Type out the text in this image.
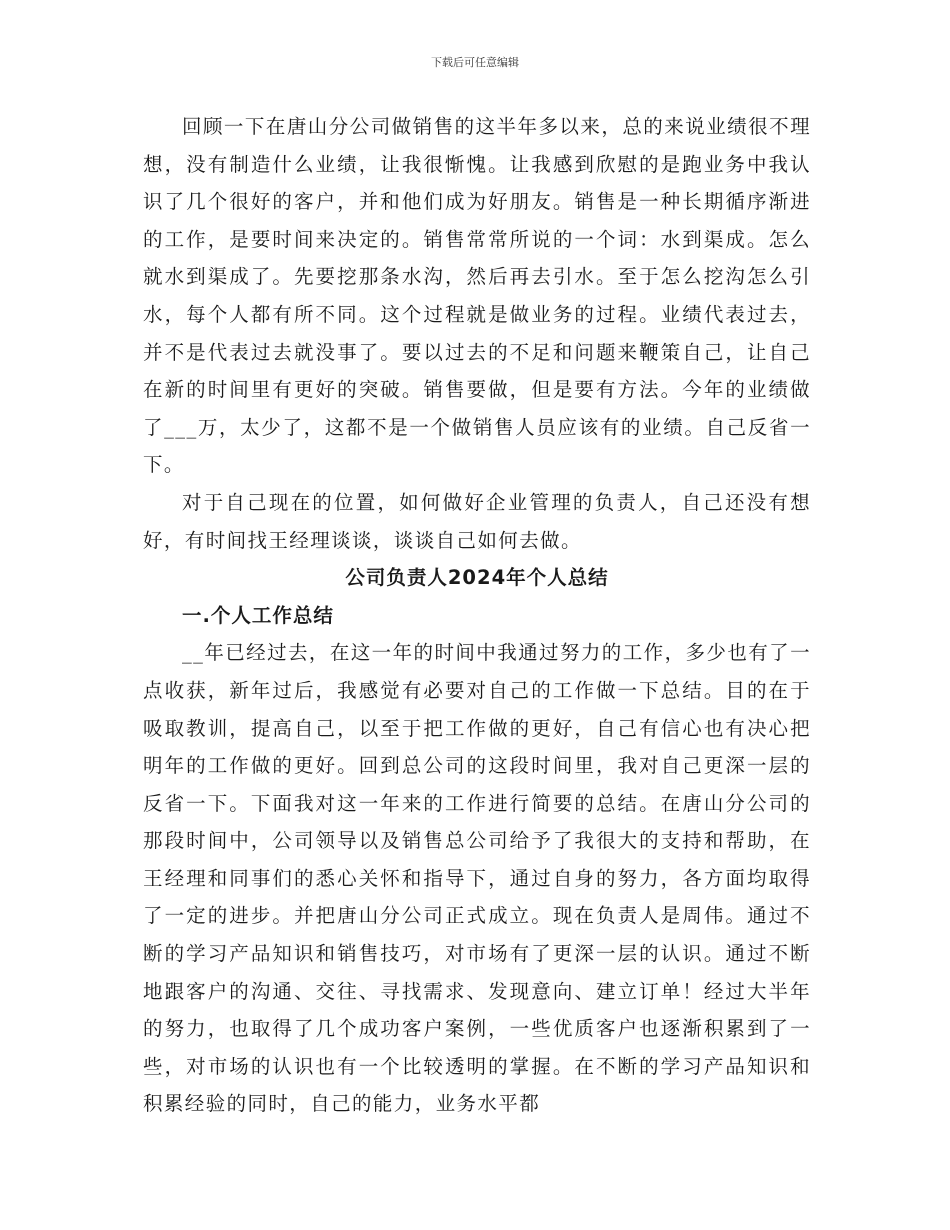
下载后可任意编辑

回顾一下在唐山分公司做销售的这半年多以来，总的来说业绩很不理想，没有制造什么业绩，让我很惭愧。让我感到欣慰的是跑业务中我认识了几个很好的客户，并和他们成为好朋友。销售是一种长期循序渐进的工作，是要时间来决定的。销售常常所说的一个词：水到渠成。怎么就水到渠成了。先要挖那条水沟，然后再去引水。至于怎么挖沟怎么引水，每个人都有所不同。这个过程就是做业务的过程。业绩代表过去，并不是代表过去就没事了。要以过去的不足和问题来鞭策自己，让自己在新的时间里有更好的突破。销售要做，但是要有方法。今年的业绩做了___万，太少了，这都不是一个做销售人员应该有的业绩。自己反省一下。

对于自己现在的位置，如何做好企业管理的负责人，自己还没有想好，有时间找王经理谈谈，谈谈自己如何去做。

公司负责人2024年个人总结
一.个人工作总结

__年已经过去，在这一年的时间中我通过努力的工作，多少也有了一点收获，新年过后，我感觉有必要对自己的工作做一下总结。目的在于吸取教训，提高自己，以至于把工作做的更好，自己有信心也有决心把明年的工作做的更好。回到总公司的这段时间里，我对自己更深一层的反省一下。下面我对这一年来的工作进行简要的总结。在唐山分公司的那段时间中，公司领导以及销售总公司给予了我很大的支持和帮助，在王经理和同事们的悉心关怀和指导下，通过自身的努力，各方面均取得了一定的进步。并把唐山分公司正式成立。现在负责人是周伟。通过不断的学习产品知识和销售技巧，对市场有了更深一层的认识。通过不断地跟客户的沟通、交往、寻找需求、发现意向、建立订单！经过大半年的努力，也取得了几个成功客户案例，一些优质客户也逐渐积累到了一些，对市场的认识也有一个比较透明的掌握。在不断的学习产品知识和积累经验的同时，自己的能力，业务水平都
